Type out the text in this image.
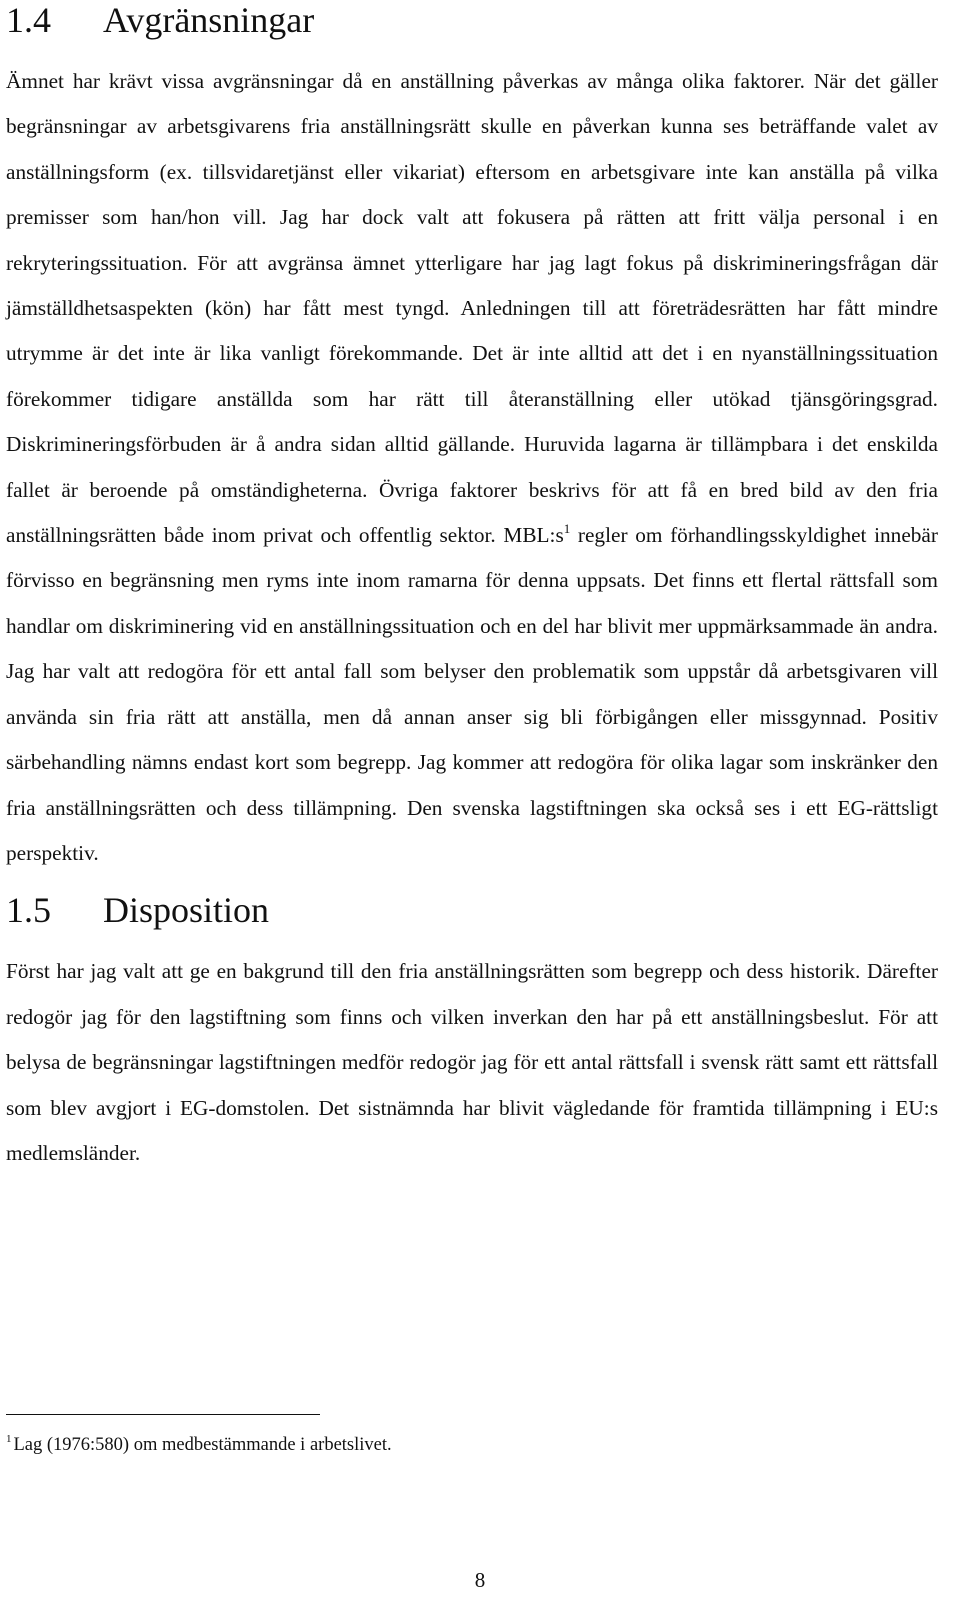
1.4 Avgränsningar

Ämnet har krävt vissa avgränsningar då en anställning påverkas av många olika faktorer. När det gäller begränsningar av arbetsgivarens fria anställningsrätt skulle en påverkan kunna ses beträffande valet av anställningsform (ex. tillsvidaretjänst eller vikariat) eftersom en arbetsgivare inte kan anställa på vilka premisser som han/hon vill. Jag har dock valt att fokusera på rätten att fritt välja personal i en rekryteringssituation. För att avgränsa ämnet ytterligare har jag lagt fokus på diskrimineringsfrågan där jämställdhetsaspekten (kön) har fått mest tyngd. Anledningen till att företrädesrätten har fått mindre utrymme är det inte är lika vanligt förekommande. Det är inte alltid att det i en nyanställningssituation förekommer tidigare anställda som har rätt till återanställning eller utökad tjänsgöringsgrad. Diskrimineringsförbuden är å andra sidan alltid gällande. Huruvida lagarna är tillämpbara i det enskilda fallet är beroende på omständigheterna. Övriga faktorer beskrivs för att få en bred bild av den fria anställningsrätten både inom privat och offentlig sektor. MBL:s$^1$ regler om förhandlingsskyldighet innebär förvisso en begränsning men ryms inte inom ramarna för denna uppsats. Det finns ett flertal rättsfall som handlar om diskriminering vid en anställningssituation och en del har blivit mer uppmärksammade än andra. Jag har valt att redogöra för ett antal fall som belyser den problematik som uppstår då arbetsgivaren vill använda sin fria rätt att anställa, men då annan anser sig bli förbigången eller missgynnad. Positiv särbehandling nämns endast kort som begrepp. Jag kommer att redogöra för olika lagar som inskränker den fria anställningsrätten och dess tillämpning. Den svenska lagstiftningen ska också ses i ett EG-rättsligt perspektiv.

1.5 Disposition

Först har jag valt att ge en bakgrund till den fria anställningsrätten som begrepp och dess historik. Därefter redogör jag för den lagstiftning som finns och vilken inverkan den har på ett anställningsbeslut. För att belysa de begränsningar lagstiftningen medför redogör jag för ett antal rättsfall i svensk rätt samt ett rättsfall som blev avgjort i EG-domstolen. Det sistnämnda har blivit vägledande för framtida tillämpning i EU:s medlemsländer.

$^1$ Lag (1976:580) om medbestämmande i arbetslivet.
8
